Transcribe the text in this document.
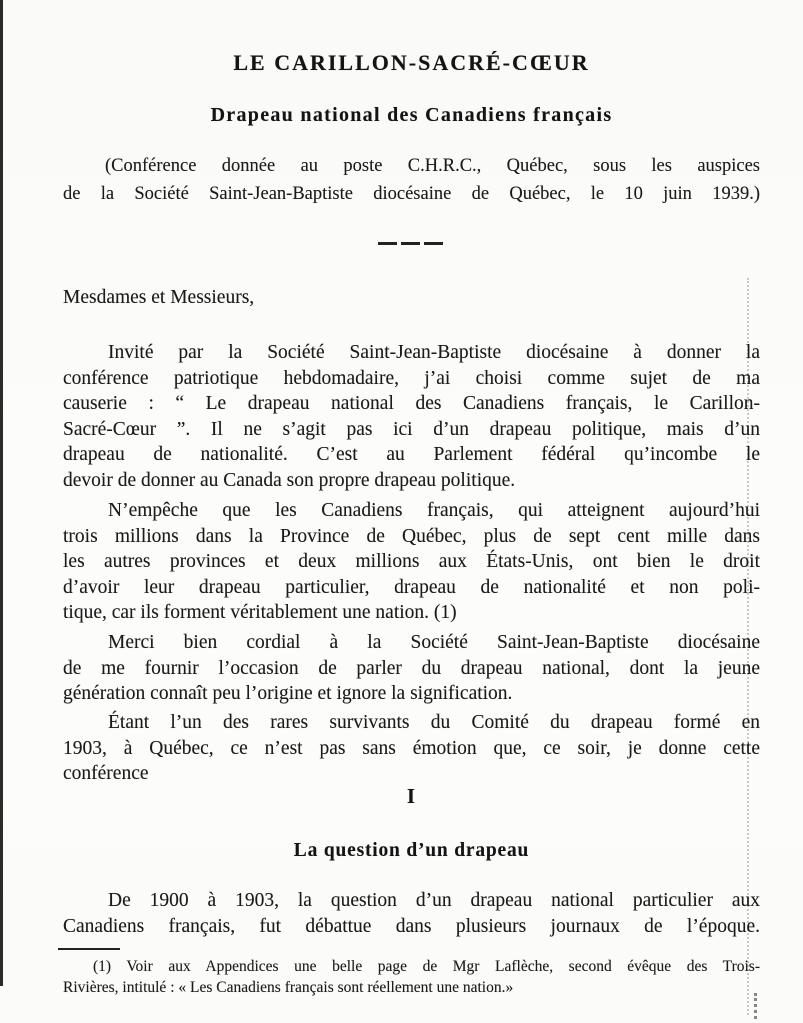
LE CARILLON-SACRÉ-CŒUR
Drapeau national des Canadiens français
(Conférence donnée au poste C.H.R.C., Québec, sous les auspices
de la Société Saint-Jean-Baptiste diocésaine de Québec, le 10 juin 1939.)
Mesdames et Messieurs,
Invité par la Société Saint-Jean-Baptiste diocésaine à donner la
conférence patriotique hebdomadaire, j’ai choisi comme sujet de ma
causerie : “ Le drapeau national des Canadiens français, le Carillon-
Sacré-Cœur ”. Il ne s’agit pas ici d’un drapeau politique, mais d’un
drapeau de nationalité. C’est au Parlement fédéral qu’incombe le
devoir de donner au Canada son propre drapeau politique.
N’empêche que les Canadiens français, qui atteignent aujourd’hui
trois millions dans la Province de Québec, plus de sept cent mille dans
les autres provinces et deux millions aux États-Unis, ont bien le droit
d’avoir leur drapeau particulier, drapeau de nationalité et non poli-
tique, car ils forment véritablement une nation. (1)
Merci bien cordial à la Société Saint-Jean-Baptiste diocésaine
de me fournir l’occasion de parler du drapeau national, dont la jeune
génération connaît peu l’origine et ignore la signification.
Étant l’un des rares survivants du Comité du drapeau formé en
1903, à Québec, ce n’est pas sans émotion que, ce soir, je donne cette
conférence
I
La question d’un drapeau
De 1900 à 1903, la question d’un drapeau national particulier aux
Canadiens français, fut débattue dans plusieurs journaux de l’époque.
(1) Voir aux Appendices une belle page de Mgr Laflèche, second évêque des Trois-
Rivières, intitulé : « Les Canadiens français sont réellement une nation.»
